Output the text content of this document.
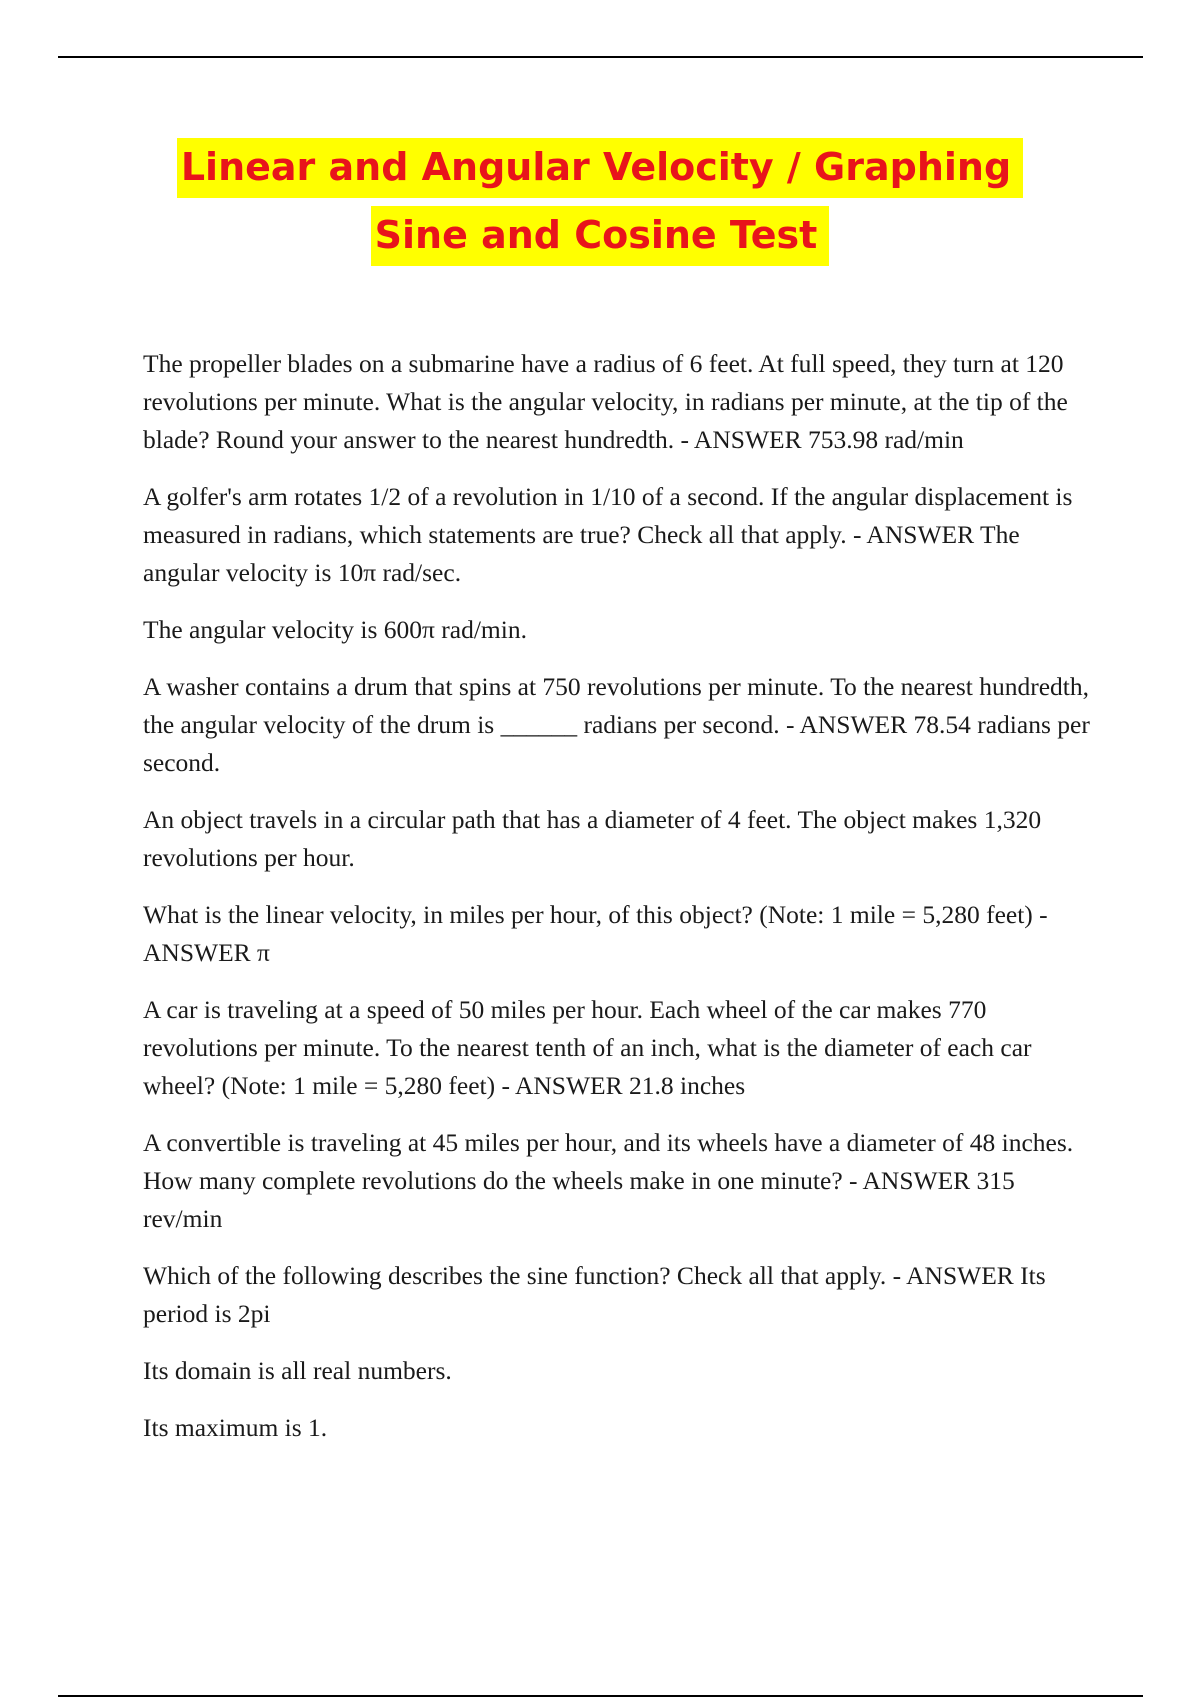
Linear and Angular Velocity / Graphing
Sine and Cosine Test

The propeller blades on a submarine have a radius of 6 feet. At full speed, they turn at 120 revolutions per minute. What is the angular velocity, in radians per minute, at the tip of the blade? Round your answer to the nearest hundredth. - ANSWER 753.98 rad/min

A golfer's arm rotates 1/2 of a revolution in 1/10 of a second. If the angular displacement is measured in radians, which statements are true? Check all that apply. - ANSWER The angular velocity is 10π rad/sec.

The angular velocity is 600π rad/min.

A washer contains a drum that spins at 750 revolutions per minute. To the nearest hundredth, the angular velocity of the drum is ______ radians per second. - ANSWER 78.54 radians per second.

An object travels in a circular path that has a diameter of 4 feet. The object makes 1,320 revolutions per hour.

What is the linear velocity, in miles per hour, of this object? (Note: 1 mile = 5,280 feet) - ANSWER π

A car is traveling at a speed of 50 miles per hour. Each wheel of the car makes 770 revolutions per minute. To the nearest tenth of an inch, what is the diameter of each car wheel? (Note: 1 mile = 5,280 feet) - ANSWER 21.8 inches

A convertible is traveling at 45 miles per hour, and its wheels have a diameter of 48 inches. How many complete revolutions do the wheels make in one minute? - ANSWER 315 rev/min

Which of the following describes the sine function? Check all that apply. - ANSWER Its period is 2pi

Its domain is all real numbers.

Its maximum is 1.
